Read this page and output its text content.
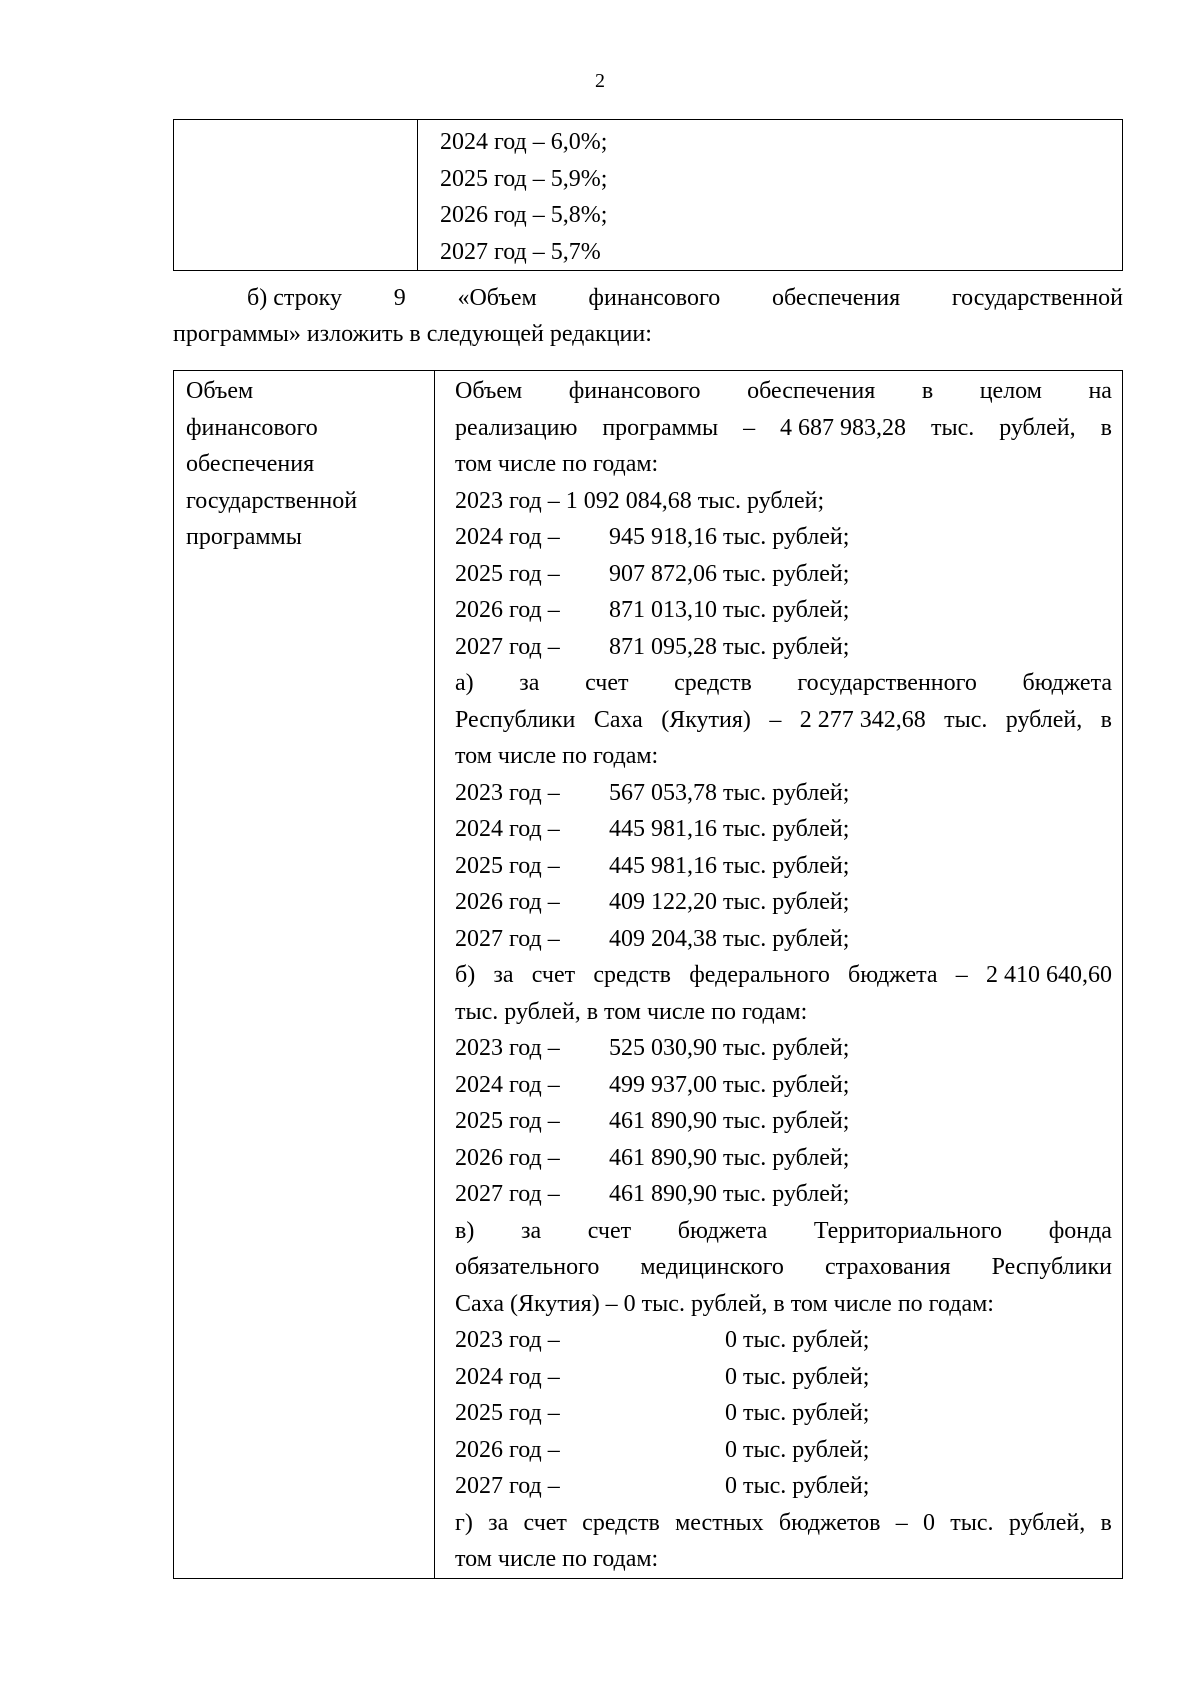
2

2024 год – 6,0%;
2025 год – 5,9%;
2026 год – 5,8%;
2027 год – 5,7%
б) строку 9 «Объем финансового обеспечения государственной
программы» изложить в следующей редакции:
Объем
финансового
обеспечения
государственной
программы

Объем финансового обеспечения в целом на
реализацию программы – 4 687 983,28 тыс. рублей, в
том числе по годам:
2023 год – 1 092 084,68 тыс. рублей;
2024 год – 945 918,16 тыс. рублей;
2025 год – 907 872,06 тыс. рублей;
2026 год – 871 013,10 тыс. рублей;
2027 год – 871 095,28 тыс. рублей;
а) за счет средств государственного бюджета
Республики Саха (Якутия) – 2 277 342,68 тыс. рублей, в
том числе по годам:
2023 год – 567 053,78 тыс. рублей;
2024 год – 445 981,16 тыс. рублей;
2025 год – 445 981,16 тыс. рублей;
2026 год – 409 122,20 тыс. рублей;
2027 год – 409 204,38 тыс. рублей;
б) за счет средств федерального бюджета – 2 410 640,60
тыс. рублей, в том числе по годам:
2023 год – 525 030,90 тыс. рублей;
2024 год – 499 937,00 тыс. рублей;
2025 год – 461 890,90 тыс. рублей;
2026 год – 461 890,90 тыс. рублей;
2027 год – 461 890,90 тыс. рублей;
в) за счет бюджета Территориального фонда
обязательного медицинского страхования Республики
Саха (Якутия) – 0 тыс. рублей, в том числе по годам:
2023 год –	0 тыс. рублей;
2024 год –	0 тыс. рублей;
2025 год –	0 тыс. рублей;
2026 год –	0 тыс. рублей;
2027 год –	0 тыс. рублей;
г) за счет средств местных бюджетов – 0 тыс. рублей, в
том числе по годам:
